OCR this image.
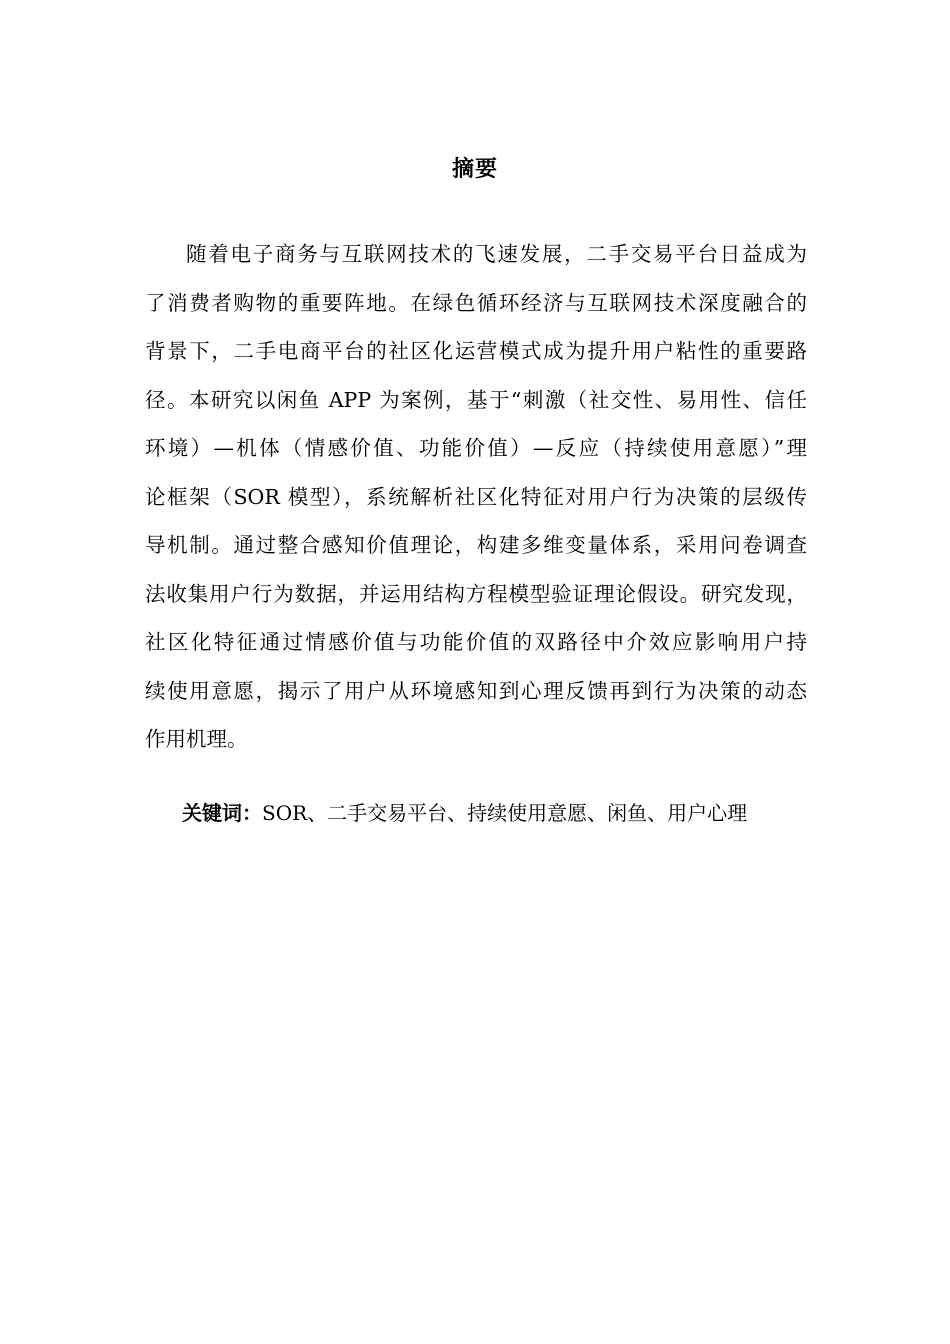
摘要
随着电子商务与互联网技术的飞速发展，二手交易平台日益成为
了消费者购物的重要阵地。在绿色循环经济与互联网技术深度融合的
背景下，二手电商平台的社区化运营模式成为提升用户粘性的重要路
径。本研究以闲鱼 APP 为案例，基于“刺激（社交性、易用性、信任
环境）—机体（情感价值、功能价值）—反应（持续使用意愿）”理
论框架（SOR 模型），系统解析社区化特征对用户行为决策的层级传
导机制。通过整合感知价值理论，构建多维变量体系，采用问卷调查
法收集用户行为数据，并运用结构方程模型验证理论假设。研究发现，
社区化特征通过情感价值与功能价值的双路径中介效应影响用户持
续使用意愿，揭示了用户从环境感知到心理反馈再到行为决策的动态
作用机理。
关键词：SOR、二手交易平台、持续使用意愿、闲鱼、用户心理
